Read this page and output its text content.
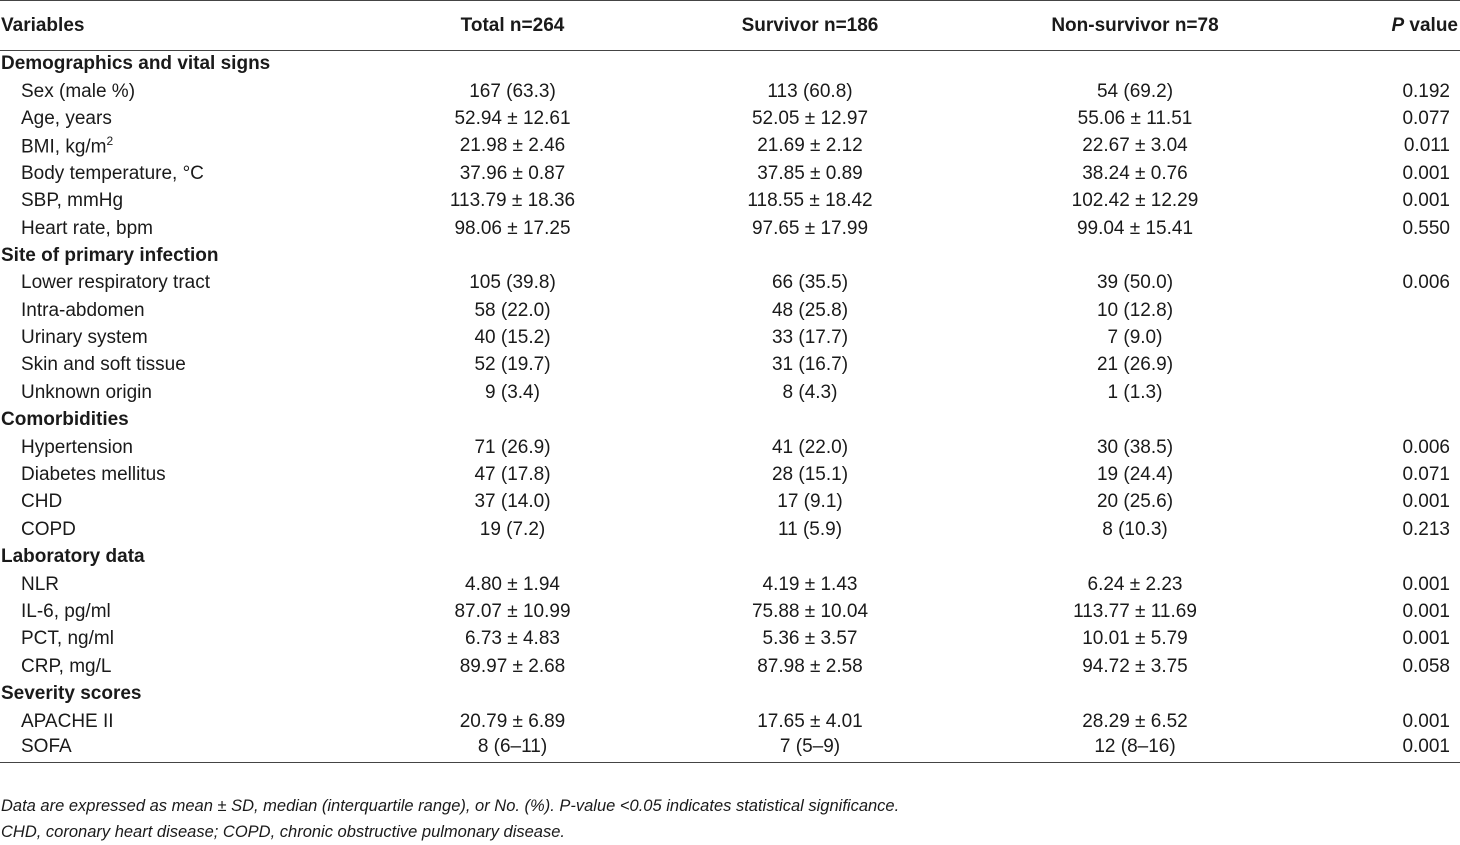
Variables	Total n=264	Survivor n=186	Non-survivor n=78	P value
Demographics and vital signs				
Sex (male %)	167 (63.3)	113 (60.8)	54 (69.2)	0.192
Age, years	52.94 ± 12.61	52.05 ± 12.97	55.06 ± 11.51	0.077
BMI, $kg/m^2$	21.98 ± 2.46	21.69 ± 2.12	22.67 ± 3.04	0.011
Body temperature, °C	37.96 ± 0.87	37.85 ± 0.89	38.24 ± 0.76	0.001
SBP, mmHg	113.79 ± 18.36	118.55 ± 18.42	102.42 ± 12.29	0.001
Heart rate, bpm	98.06 ± 17.25	97.65 ± 17.99	99.04 ± 15.41	0.550
Site of primary infection				
Lower respiratory tract	105 (39.8)	66 (35.5)	39 (50.0)	0.006
Intra-abdomen	58 (22.0)	48 (25.8)	10 (12.8)	
Urinary system	40 (15.2)	33 (17.7)	7 (9.0)	
Skin and soft tissue	52 (19.7)	31 (16.7)	21 (26.9)	
Unknown origin	9 (3.4)	8 (4.3)	1 (1.3)	
Comorbidities				
Hypertension	71 (26.9)	41 (22.0)	30 (38.5)	0.006
Diabetes mellitus	47 (17.8)	28 (15.1)	19 (24.4)	0.071
CHD	37 (14.0)	17 (9.1)	20 (25.6)	0.001
COPD	19 (7.2)	11 (5.9)	8 (10.3)	0.213
Laboratory data				
NLR	4.80 ± 1.94	4.19 ± 1.43	6.24 ± 2.23	0.001
IL-6, pg/ml	87.07 ± 10.99	75.88 ± 10.04	113.77 ± 11.69	0.001
PCT, ng/ml	6.73 ± 4.83	5.36 ± 3.57	10.01 ± 5.79	0.001
CRP, mg/L	89.97 ± 2.68	87.98 ± 2.58	94.72 ± 3.75	0.058
Severity scores				
APACHE II	20.79 ± 6.89	17.65 ± 4.01	28.29 ± 6.52	0.001
SOFA	8 (6–11)	7 (5–9)	12 (8–16)	0.001
Data are expressed as mean ± SD, median (interquartile range), or No. (%). P-value <0.05 indicates statistical significance.
CHD, coronary heart disease; COPD, chronic obstructive pulmonary disease.
